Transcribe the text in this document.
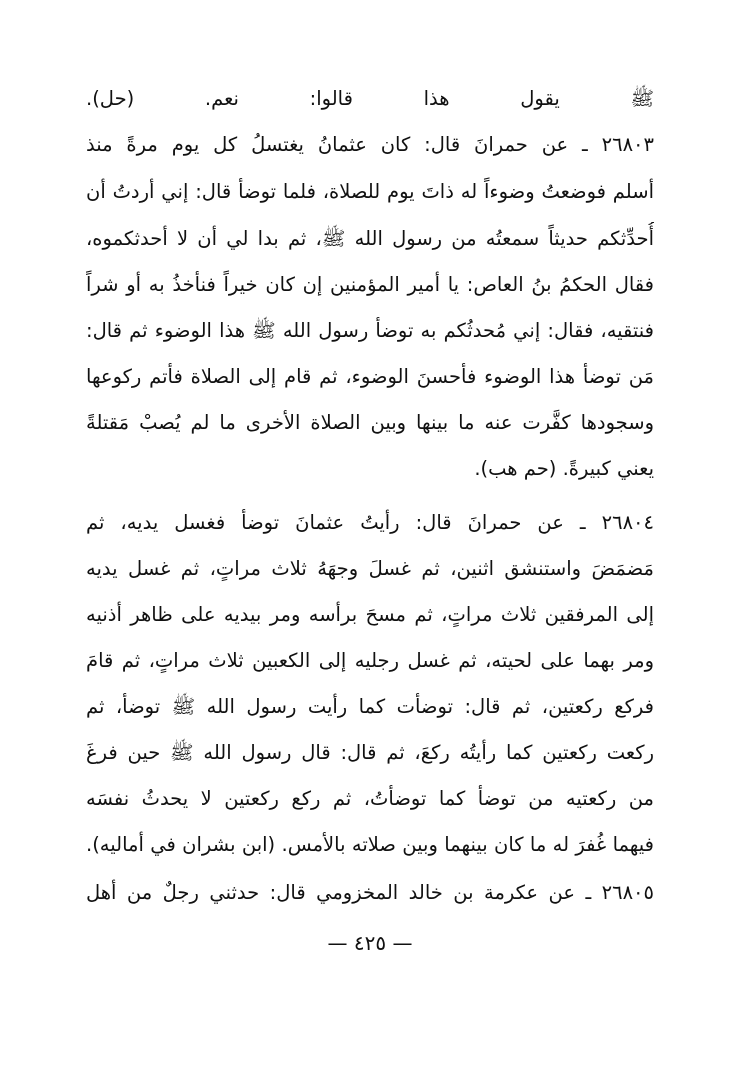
ﷺ يقول هذا قالوا: نعم. (حل).
٢٦٨٠٣ ـ عن حمرانَ قال: كان عثمانُ يغتسلُ كل يوم مرةً منذ
أسلم فوضعتُ وضوءاً له ذاتَ يوم للصلاة، فلما توضأ قال: إني أردتُ أن
أُحدِّثكم حديثاً سمعتُه من رسول الله ﷺ، ثم بدا لي أن لا أحدثكموه،
فقال الحكمُ بنُ العاص: يا أمير المؤمنين إن كان خيراً فنأخذُ به أو شراً
فنتقيه، فقال: إني مُحدثُكم به توضأ رسول الله ﷺ هذا الوضوء ثم قال:
مَن توضأ هذا الوضوء فأحسنَ الوضوء، ثم قام إلى الصلاة فأتم ركوعها
وسجودها كفَّرت عنه ما بينها وبين الصلاة الأخرى ما لم يُصبْ مَقتلةً
يعني كبيرةً. (حم هب).
٢٦٨٠٤ ـ عن حمرانَ قال: رأيتُ عثمانَ توضأ فغسل يديه، ثم
مَضمَضَ واستنشق اثنين، ثم غسلَ وجهَهُ ثلاث مراتٍ، ثم غسل يديه
إلى المرفقين ثلاث مراتٍ، ثم مسحَ برأسه ومر بيديه على ظاهر أذنيه
ومر بهما على لحيته، ثم غسل رجليه إلى الكعبين ثلاث مراتٍ، ثم قامَ
فركع ركعتين، ثم قال: توضأت كما رأيت رسول الله ﷺ توضأ، ثم
ركعت ركعتين كما رأيتُه ركعَ، ثم قال: قال رسول الله ﷺ حين فرغَ
من ركعتيه من توضأ كما توضأتُ، ثم ركع ركعتين لا يحدثُ نفسَه
فيهما غُفرَ له ما كان بينهما وبين صلاته بالأمس. (ابن بشران في أماليه).
٢٦٨٠٥ ـ عن عكرمة بن خالد المخزومي قال: حدثني رجلٌ من أهل
— ٤٢٥ —
